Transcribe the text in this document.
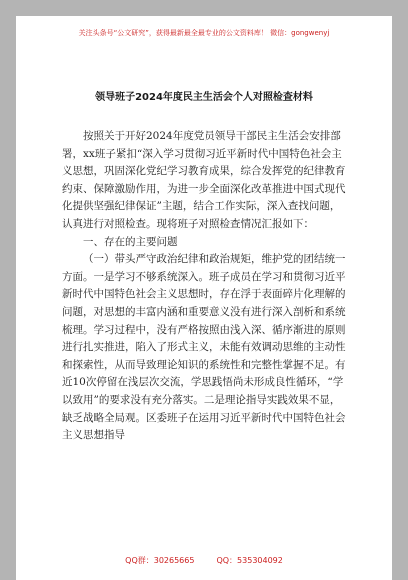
关注头条号“公文研究”，获得最新最全最专业的公文资料库！ 微信：gongwenyj
领导班子2024年度民主生活会个人对照检查材料

按照关于开好2024年度党员领导干部民主生活会安排部署，xx班子紧扣“深入学习贯彻习近平新时代中国特色社会主义思想，巩固深化党纪学习教育成果，综合发挥党的纪律教育约束、保障激励作用，为进一步全面深化改革推进中国式现代化提供坚强纪律保证”主题，结合工作实际，深入查找问题，认真进行对照检查。现将班子对照检查情况汇报如下：

一、存在的主要问题

（一）带头严守政治纪律和政治规矩，维护党的团结统一方面。一是学习不够系统深入。班子成员在学习和贯彻习近平新时代中国特色社会主义思想时，存在浮于表面碎片化理解的问题，对思想的丰富内涵和重要意义没有进行深入剖析和系统梳理。学习过程中，没有严格按照由浅入深、循序渐进的原则进行扎实推进，陷入了形式主义，未能有效调动思维的主动性和探索性，从而导致理论知识的系统性和完整性掌握不足。有近10次停留在浅层次交流，学思践悟尚未形成良性循环，“学以致用”的要求没有充分落实。二是理论指导实践效果不显，缺乏战略全局观。区委班子在运用习近平新时代中国特色社会主义思想指导

QQ群：30265665	QQ：535304092
